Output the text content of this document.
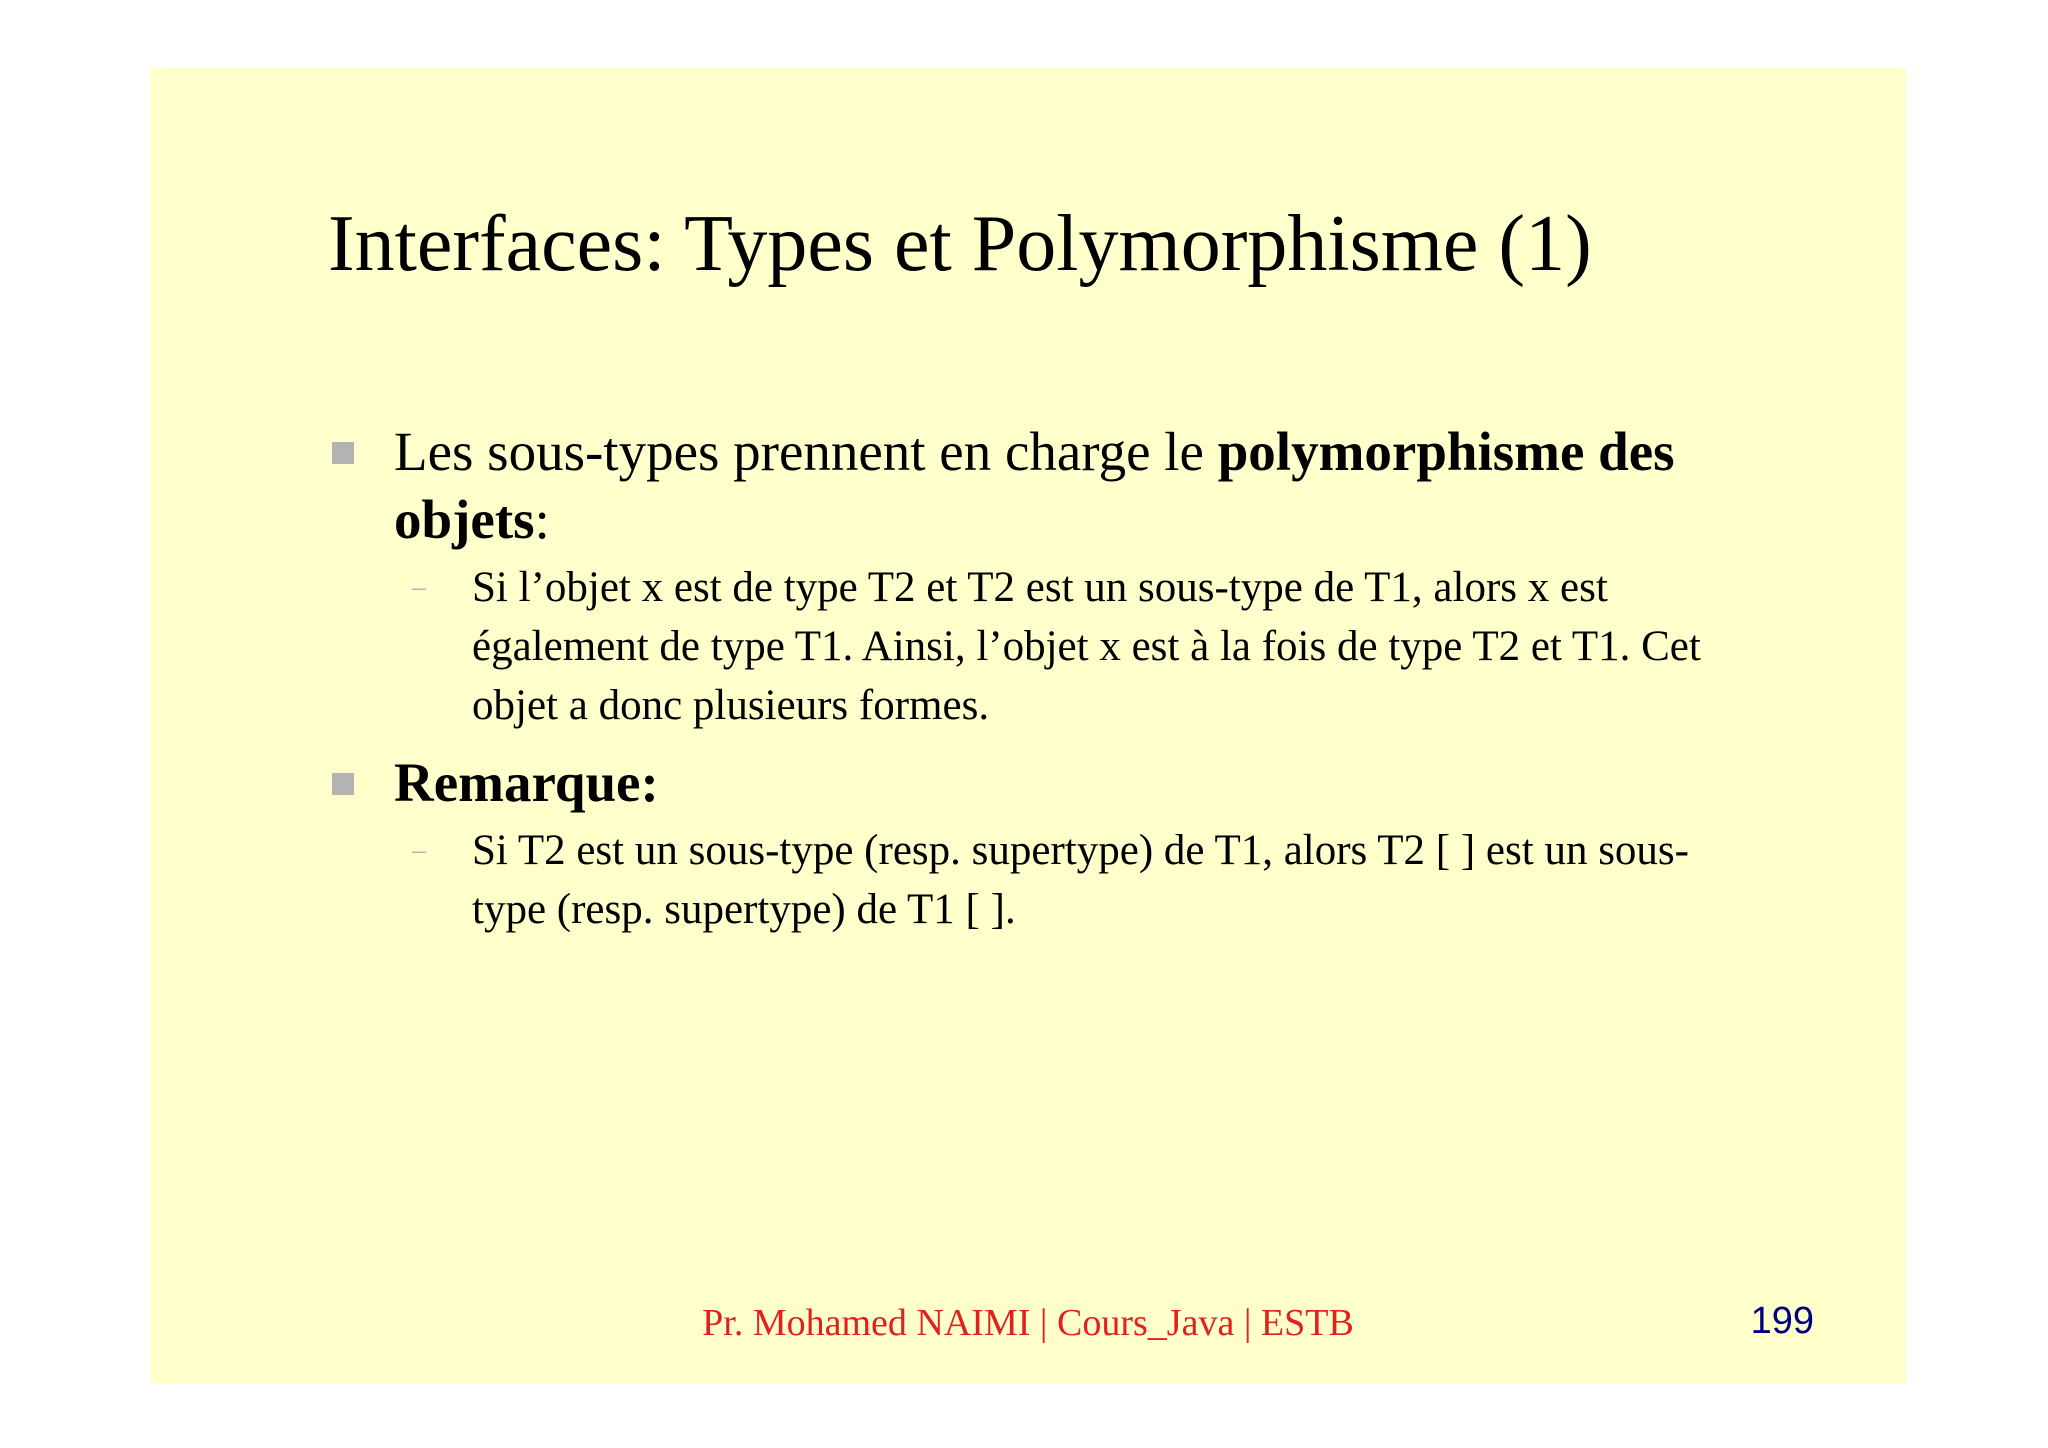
Interfaces: Types et Polymorphisme (1)
Les sous-types prennent en charge le polymorphisme des objets:
– Si l’objet x est de type T2 et T2 est un sous-type de T1, alors x est également de type T1. Ainsi, l’objet x est à la fois de type T2 et T1. Cet objet a donc plusieurs formes.
Remarque:
– Si T2 est un sous-type (resp. supertype) de T1, alors T2 [ ] est un sous-type (resp. supertype) de T1 [ ].
Pr. Mohamed NAIMI | Cours_Java | ESTB	199
